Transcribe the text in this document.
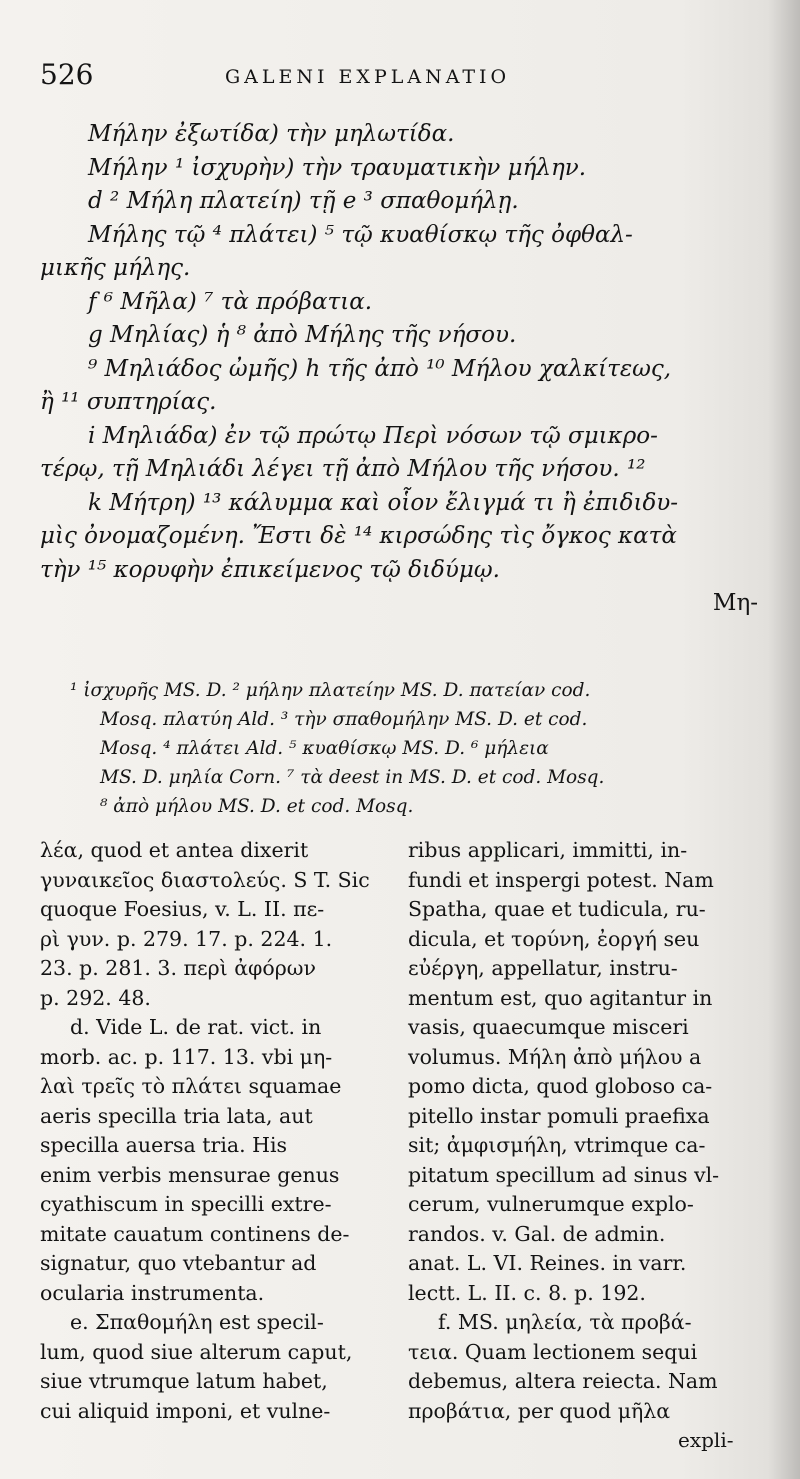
526	GALENI EXPLANATIO

Μήλην ἐξωτίδα) τὴν μηλωτίδα.

Μήλην ¹ ἰσχυρὴν) τὴν τραυματικὴν μήλην.

d ² Μήλη πλατείη) τῇ e ³ σπαθομήλῃ.

Μήλης τῷ ⁴ πλάτει) ⁵ τῷ κυαθίσκῳ τῆς ὀφθαλ-

μικῆς μήλης.

f ⁶ Μῆλα) ⁷ τὰ πρόβατια.

g Μηλίας) ἡ ⁸ ἀπὸ Μήλης τῆς νήσου.

⁹ Μηλιάδος ὠμῆς) h τῆς ἀπὸ ¹⁰ Μήλου χαλκίτεως,

ἢ ¹¹ συπτηρίας.

i Μηλιάδα) ἐν τῷ πρώτῳ Περὶ νόσων τῷ σμικρο-

τέρῳ, τῇ Μηλιάδι λέγει τῇ ἀπὸ Μήλου τῆς νήσου. ¹²

k Μήτρη) ¹³ κάλυμμα καὶ οἷον ἔλιγμά τι ἢ ἐπιδιδυ-

μὶς ὀνομαζομένη. Ἔστι δὲ ¹⁴ κιρσώδης τὶς ὄγκος κατὰ

τὴν ¹⁵ κορυφὴν ἐπικείμενος τῷ διδύμῳ.

Μη-

¹ ἰσχυρῆς MS. D. ² μήλην πλατείην MS. D. πατείαν cod.

Mosq. πλατύη Ald. ³ τὴν σπαθομήλην MS. D. et cod.

Mosq. ⁴ πλάτει Ald. ⁵ κυαθίσκῳ MS. D. ⁶ μήλεια

MS. D. μηλία Corn. ⁷ τὰ deest in MS. D. et cod. Mosq.

⁸ ἀπὸ μήλου MS. D. et cod. Mosq.

λέα, quod et antea dixerit

γυναικεῖος διαστολεύς. S T. Sic

quoque Foesius, v. L. II. πε-

ρὶ γυν. p. 279. 17. p. 224. 1.

23. p. 281. 3. περὶ ἀφόρων

p. 292. 48.

d. Vide L. de rat. vict. in

morb. ac. p. 117. 13. vbi μη-

λαὶ τρεῖς τὸ πλάτει squamae

aeris specilla tria lata, aut

specilla auersa tria. His

enim verbis mensurae genus

cyathiscum in specilli extre-

mitate cauatum continens de-

signatur, quo vtebantur ad

ocularia instrumenta.

e. Σπαθομήλη est specil-

lum, quod siue alterum caput,

siue vtrumque latum habet,

cui aliquid imponi, et vulne-

ribus applicari, immitti, in-

fundi et inspergi potest. Nam

Spatha, quae et tudicula, ru-

dicula, et τορύνη, ἐοργή seu

εὐέργη, appellatur, instru-

mentum est, quo agitantur in

vasis, quaecumque misceri

volumus. Μήλη ἀπὸ μήλου a

pomo dicta, quod globoso ca-

pitello instar pomuli praefixa

sit; ἀμφισμήλη, vtrimque ca-

pitatum specillum ad sinus vl-

cerum, vulnerumque explo-

randos. v. Gal. de admin.

anat. L. VI. Reines. in varr.

lectt. L. II. c. 8. p. 192.

f. MS. μηλεία, τὰ προβά-

τεια. Quam lectionem sequi

debemus, altera reiecta. Nam

προβάτια, per quod μῆλα

expli-
